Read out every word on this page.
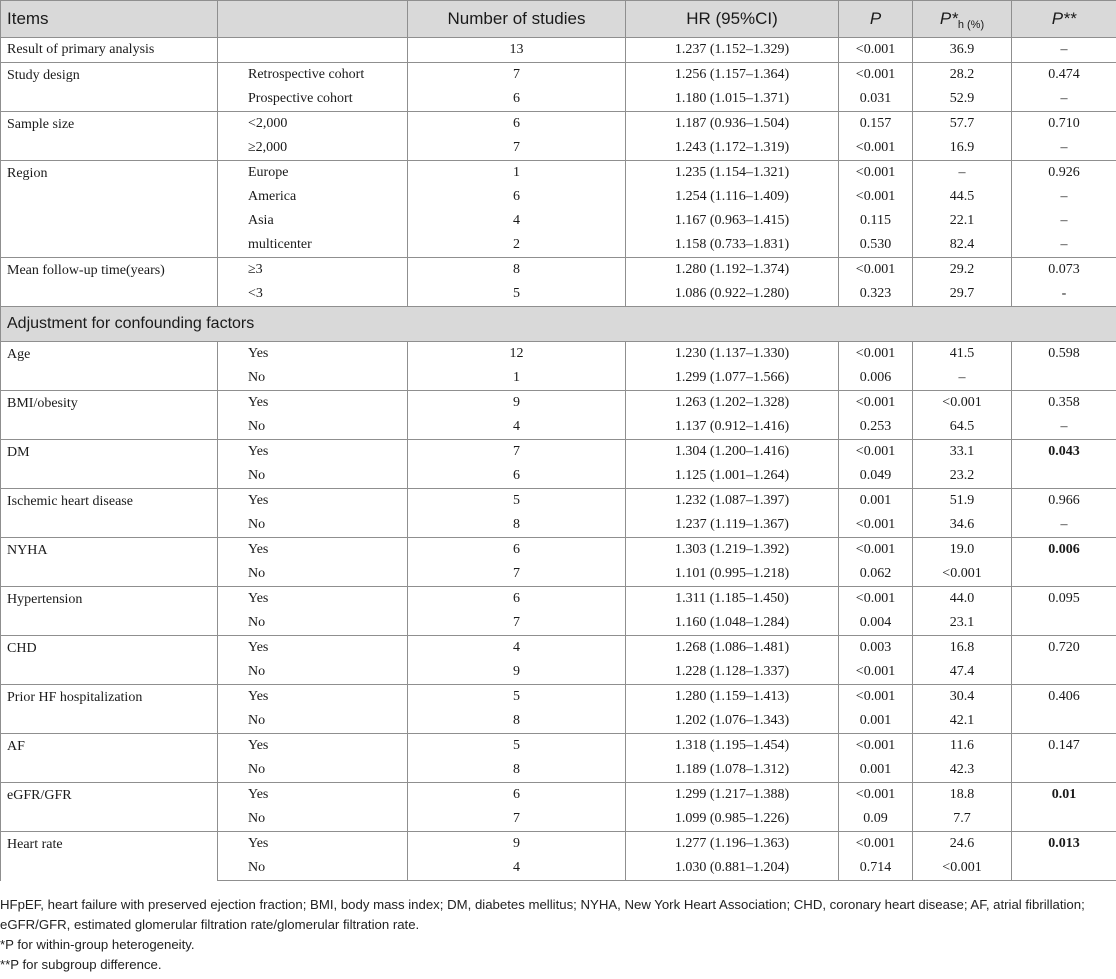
Items		Number of studies	HR (95%CI)	P	$P*_{h (\%)}$	P**
Result of primary analysis		13	1.237 (1.152–1.329)	<0.001	36.9	–
Study design	Retrospective cohort	7	1.256 (1.157–1.364)	<0.001	28.2	0.474
	Prospective cohort	6	1.180 (1.015–1.371)	0.031	52.9	–
Sample size	<2,000	6	1.187 (0.936–1.504)	0.157	57.7	0.710
	≥2,000	7	1.243 (1.172–1.319)	<0.001	16.9	–
Region	Europe	1	1.235 (1.154–1.321)	<0.001	–	0.926
	America	6	1.254 (1.116–1.409)	<0.001	44.5	–
	Asia	4	1.167 (0.963–1.415)	0.115	22.1	–
	multicenter	2	1.158 (0.733–1.831)	0.530	82.4	–
Mean follow-up time(years)	≥3	8	1.280 (1.192–1.374)	<0.001	29.2	0.073
	<3	5	1.086 (0.922–1.280)	0.323	29.7	-
Adjustment for confounding factors						
Age	Yes	12	1.230 (1.137–1.330)	<0.001	41.5	0.598
	No	1	1.299 (1.077–1.566)	0.006	–	
BMI/obesity	Yes	9	1.263 (1.202–1.328)	<0.001	<0.001	0.358
	No	4	1.137 (0.912–1.416)	0.253	64.5	–
DM	Yes	7	1.304 (1.200–1.416)	<0.001	33.1	0.043
	No	6	1.125 (1.001–1.264)	0.049	23.2	
Ischemic heart disease	Yes	5	1.232 (1.087–1.397)	0.001	51.9	0.966
	No	8	1.237 (1.119–1.367)	<0.001	34.6	–
NYHA	Yes	6	1.303 (1.219–1.392)	<0.001	19.0	0.006
	No	7	1.101 (0.995–1.218)	0.062	<0.001	
Hypertension	Yes	6	1.311 (1.185–1.450)	<0.001	44.0	0.095
	No	7	1.160 (1.048–1.284)	0.004	23.1	
CHD	Yes	4	1.268 (1.086–1.481)	0.003	16.8	0.720
	No	9	1.228 (1.128–1.337)	<0.001	47.4	
Prior HF hospitalization	Yes	5	1.280 (1.159–1.413)	<0.001	30.4	0.406
	No	8	1.202 (1.076–1.343)	0.001	42.1	
AF	Yes	5	1.318 (1.195–1.454)	<0.001	11.6	0.147
	No	8	1.189 (1.078–1.312)	0.001	42.3	
eGFR/GFR	Yes	6	1.299 (1.217–1.388)	<0.001	18.8	0.01
	No	7	1.099 (0.985–1.226)	0.09	7.7	
Heart rate	Yes	9	1.277 (1.196–1.363)	<0.001	24.6	0.013
	No	4	1.030 (0.881–1.204)	0.714	<0.001	

HFpEF, heart failure with preserved ejection fraction; BMI, body mass index; DM, diabetes mellitus; NYHA, New York Heart Association; CHD, coronary heart disease; AF, atrial fibrillation; eGFR/GFR, estimated glomerular filtration rate/glomerular filtration rate.

*P for within-group heterogeneity.

**P for subgroup difference.
